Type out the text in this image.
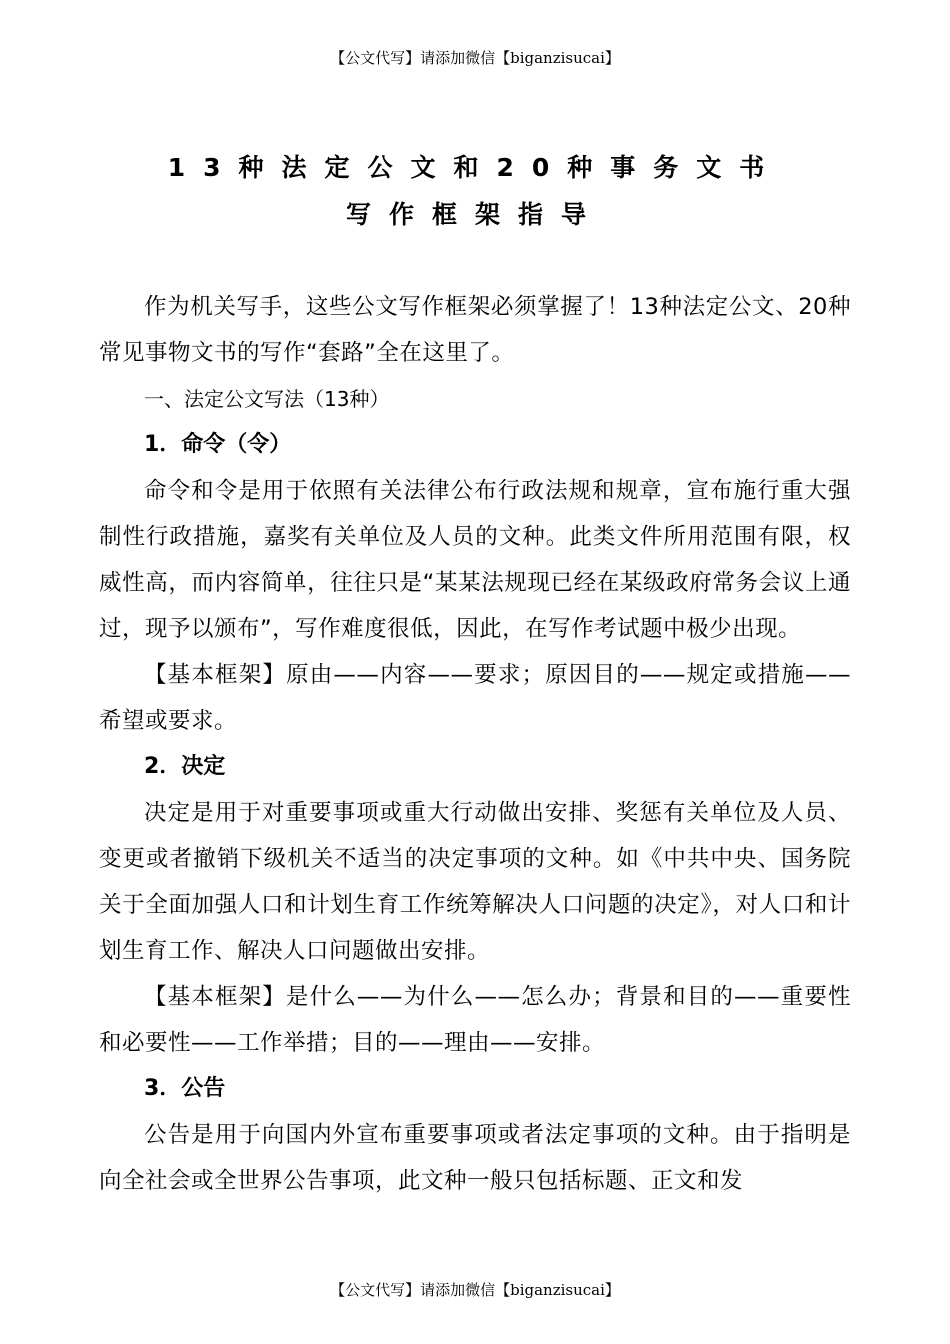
【公文代写】请添加微信【biganzisucai】
13种法定公文和20种事务文书
写作框架指导

作为机关写手，这些公文写作框架必须掌握了！13种法定公文、20种常见事物文书的写作“套路”全在这里了。

一、法定公文写法（13种）

1．命令（令）

命令和令是用于依照有关法律公布行政法规和规章，宣布施行重大强制性行政措施，嘉奖有关单位及人员的文种。此类文件所用范围有限，权威性高，而内容简单，往往只是“某某法规现已经在某级政府常务会议上通过，现予以颁布”，写作难度很低，因此，在写作考试题中极少出现。

【基本框架】原由——内容——要求；原因目的——规定或措施——希望或要求。

2．决定

决定是用于对重要事项或重大行动做出安排、奖惩有关单位及人员、变更或者撤销下级机关不适当的决定事项的文种。如《中共中央、国务院关于全面加强人口和计划生育工作统筹解决人口问题的决定》，对人口和计划生育工作、解决人口问题做出安排。

【基本框架】是什么——为什么——怎么办；背景和目的——重要性和必要性——工作举措；目的——理由——安排。

3．公告

公告是用于向国内外宣布重要事项或者法定事项的文种。由于指明是向全社会或全世界公告事项，此文种一般只包括标题、正文和发

【公文代写】请添加微信【biganzisucai】
